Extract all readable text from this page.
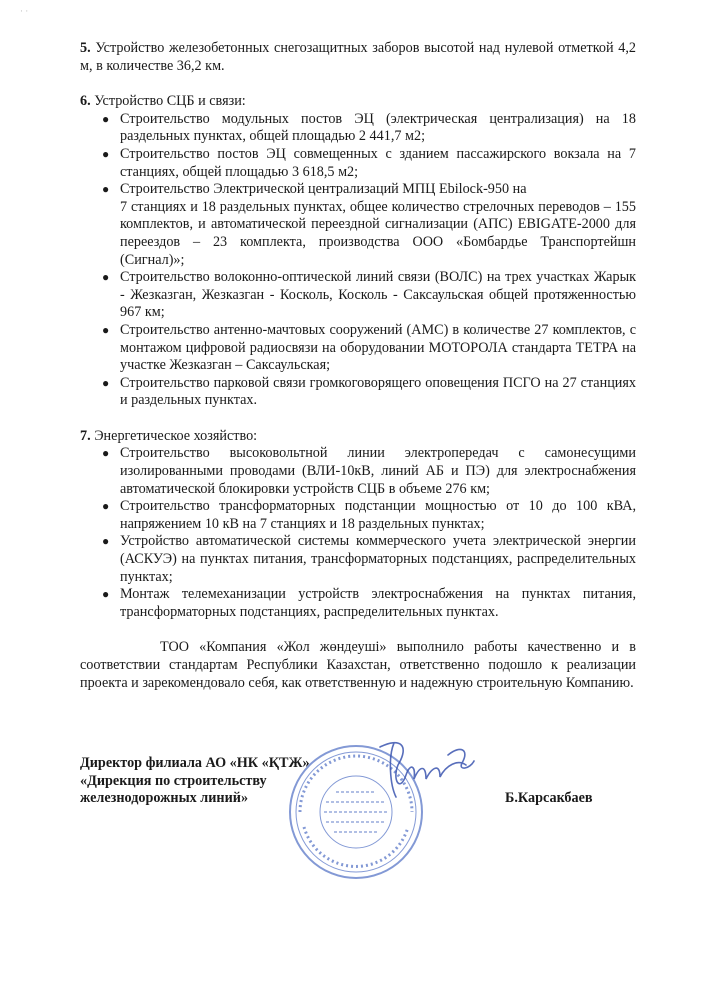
· ·

5. Устройство железобетонных снегозащитных заборов высотой над нулевой отметкой 4,2 м, в количестве 36,2 км.

6. Устройство СЦБ и связи:

● Строительство модульных постов ЭЦ (электрическая централизация) на 18 раздельных пунктах, общей площадью 2 441,7 м2;
● Строительство постов ЭЦ совмещенных с зданием пассажирского вокзала на 7 станциях, общей площадью 3 618,5 м2;
● Строительство Электрической централизаций МПЦ Ebilock-950 на
7 станциях и 18 раздельных пунктах, общее количество стрелочных переводов – 155 комплектов, и автоматической переездной сигнализации (АПС) EBIGATE-2000 для переездов – 23 комплекта, производства ООО «Бомбардье Транспортейшн (Сигнал)»;
● Строительство волоконно-оптической линий связи (ВОЛС) на трех участках Жарык - Жезказган, Жезказган - Косколь, Косколь - Саксаульская общей протяженностью 967 км;
● Строительство антенно-мачтовых сооружений (АМС) в количестве 27 комплектов, с монтажом цифровой радиосвязи на оборудовании МОТОРОЛА стандарта ТЕТРА на участке Жезказган – Саксаульская;
● Строительство парковой связи громкоговорящего оповещения ПСГО на 27 станциях и раздельных пунктах.

7. Энергетическое хозяйство:

● Строительство высоковольтной линии электропередач с самонесущими изолированными проводами (ВЛИ-10кВ, линий АБ и ПЭ) для электроснабжения автоматической блокировки устройств СЦБ в объеме 276 км;
● Строительство трансформаторных подстанции мощностью от 10 до 100 кВА, напряжением 10 кВ на 7 станциях и 18 раздельных пунктах;
● Устройство автоматической системы коммерческого учета электрической энергии (АСКУЭ) на пунктах питания, трансформаторных подстанциях, распределительных пунктах;
● Монтаж телемеханизации устройств электроснабжения на пунктах питания, трансформаторных подстанциях, распределительных пунктах.

ТОО «Компания «Жол жөндеуші» выполнило работы качественно и в соответствии стандартам Республики Казахстан, ответственно подошло к реализации проекта и зарекомендовало себя, как ответственную и надежную строительную Компанию.

Директор филиала АО «НК «ҚТЖ»
«Дирекция по строительству
железнодорожных линий»	Б.Карсакбаев
